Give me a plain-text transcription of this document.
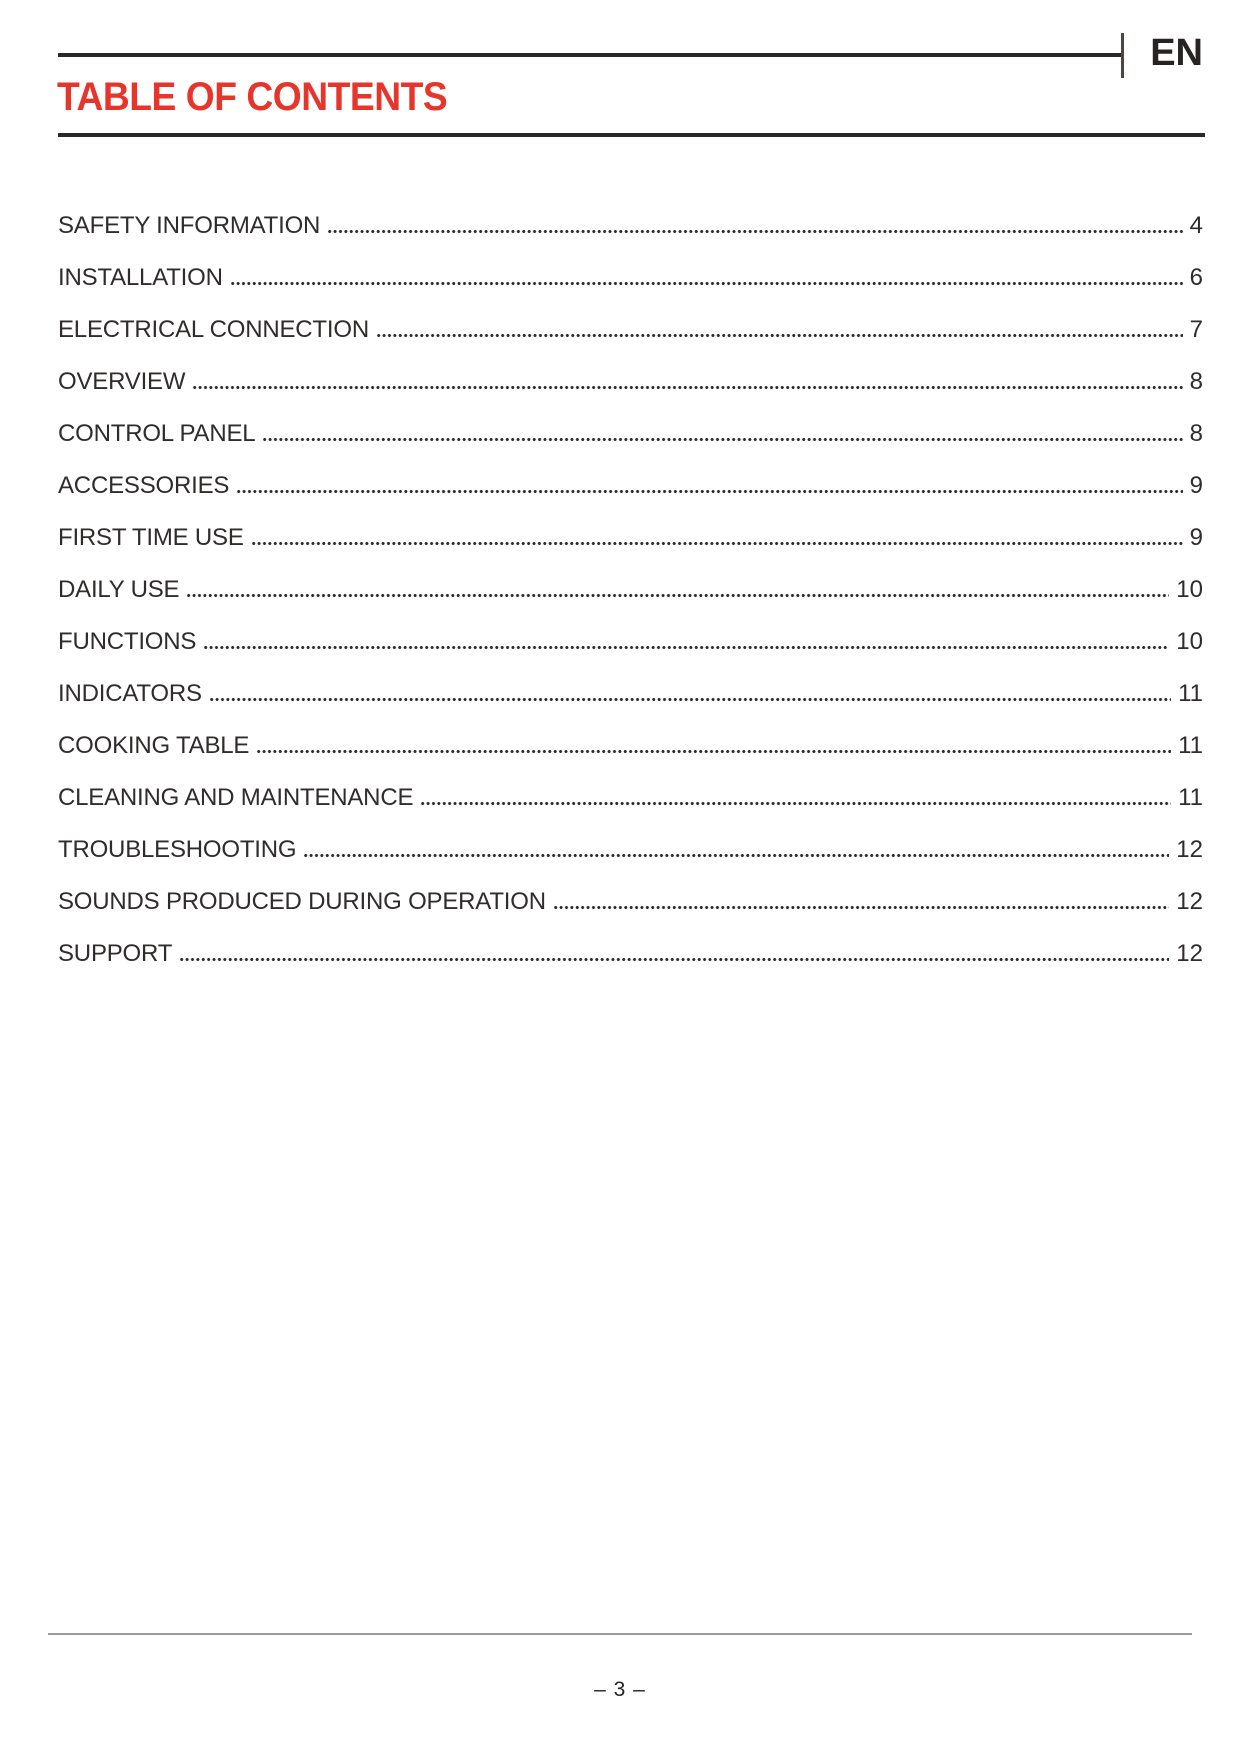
EN
TABLE OF CONTENTS
SAFETY INFORMATION	4
INSTALLATION	6
ELECTRICAL CONNECTION	7
OVERVIEW	8
CONTROL PANEL	8
ACCESSORIES	9
FIRST TIME USE	9
DAILY USE	10
FUNCTIONS	10
INDICATORS	11
COOKING TABLE	11
CLEANING AND MAINTENANCE	11
TROUBLESHOOTING	12
SOUNDS PRODUCED DURING OPERATION	12
SUPPORT	12
– 3 –
